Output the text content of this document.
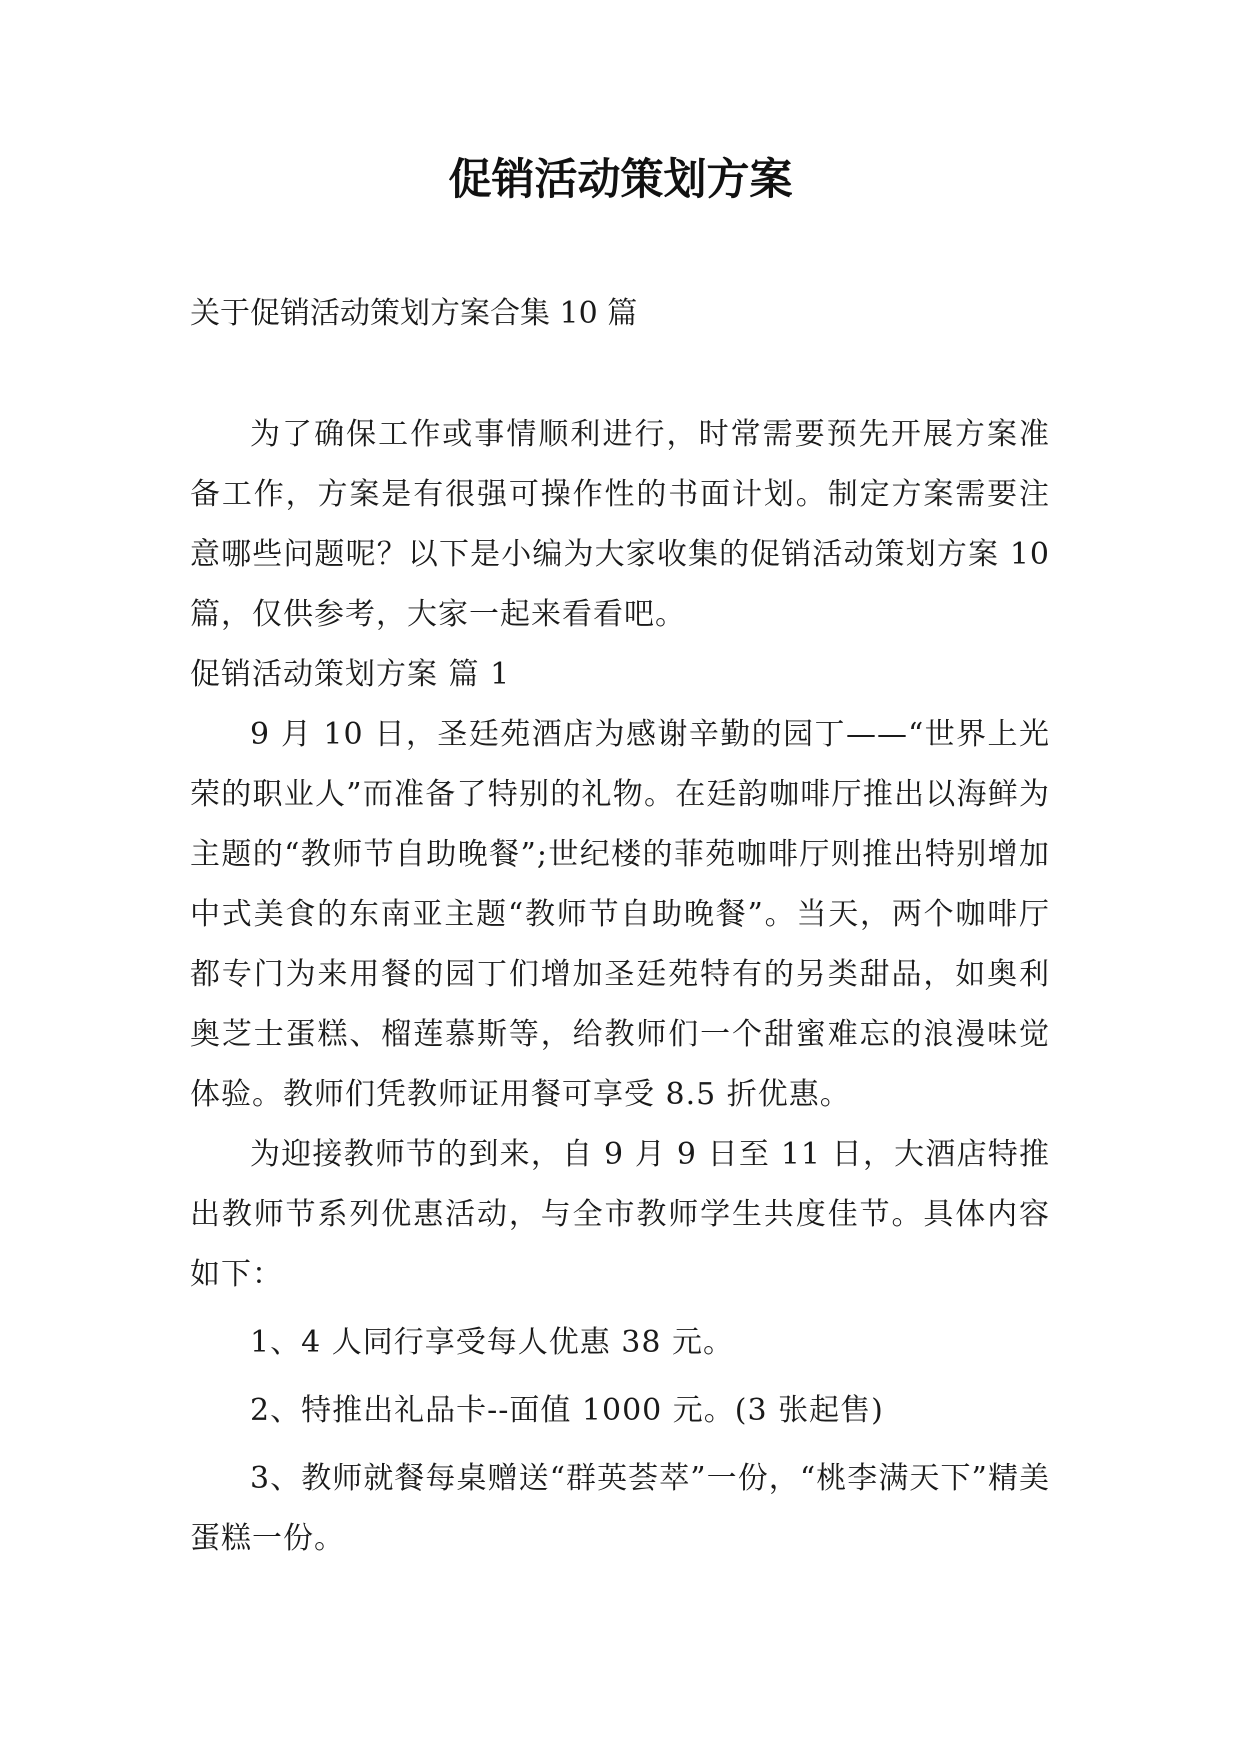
促销活动策划方案

关于促销活动策划方案合集 10 篇

为了确保工作或事情顺利进行，时常需要预先开展方案准备工作，方案是有很强可操作性的书面计划。制定方案需要注意哪些问题呢？以下是小编为大家收集的促销活动策划方案 10 篇，仅供参考，大家一起来看看吧。

促销活动策划方案 篇 1

9 月 10 日，圣廷苑酒店为感谢辛勤的园丁——“世界上光荣的职业人”而准备了特别的礼物。在廷韵咖啡厅推出以海鲜为主题的“教师节自助晚餐”;世纪楼的菲苑咖啡厅则推出特别增加中式美食的东南亚主题“教师节自助晚餐”。当天，两个咖啡厅都专门为来用餐的园丁们增加圣廷苑特有的另类甜品，如奥利奥芝士蛋糕、榴莲慕斯等，给教师们一个甜蜜难忘的浪漫味觉体验。教师们凭教师证用餐可享受 8.5 折优惠。

为迎接教师节的到来，自 9 月 9 日至 11 日，大酒店特推出教师节系列优惠活动，与全市教师学生共度佳节。具体内容如下：

1、4 人同行享受每人优惠 38 元。

2、特推出礼品卡--面值 1000 元。(3 张起售)

3、教师就餐每桌赠送“群英荟萃”一份，“桃李满天下”精美蛋糕一份。
